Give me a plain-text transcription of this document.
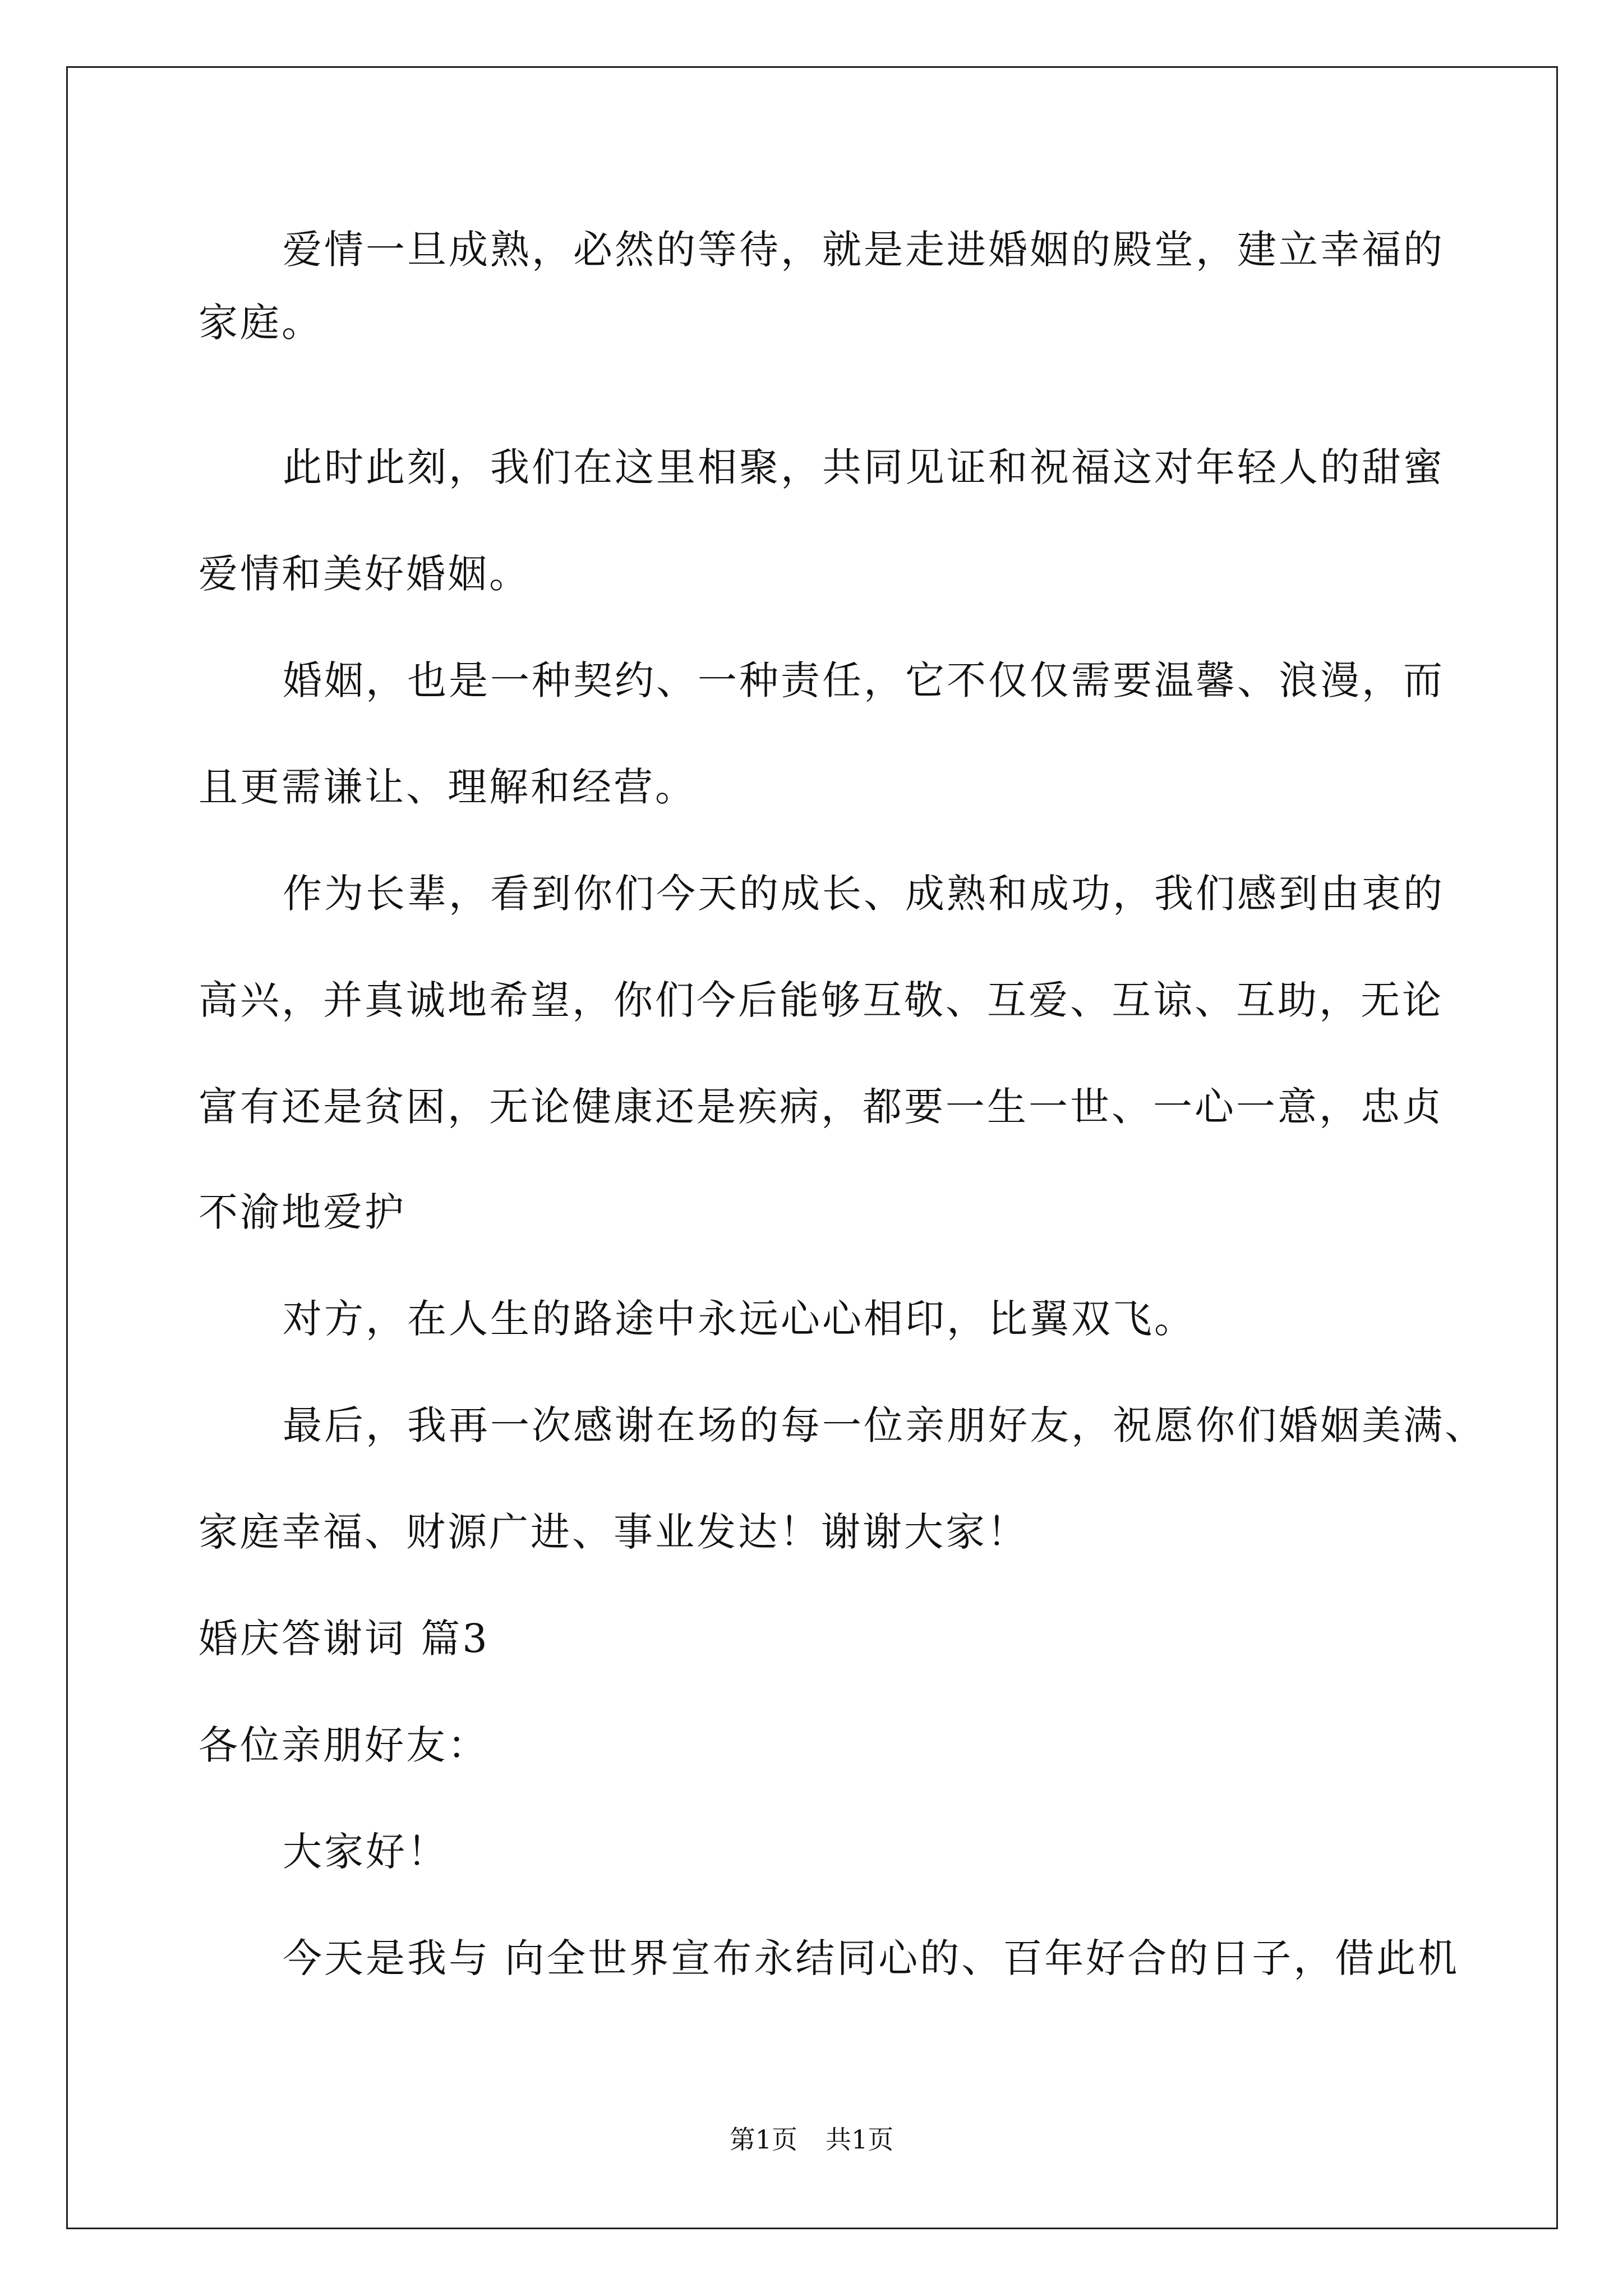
爱情一旦成熟，必然的等待，就是走进婚姻的殿堂，建立幸福的
家庭。
此时此刻，我们在这里相聚，共同见证和祝福这对年轻人的甜蜜
爱情和美好婚姻。
婚姻，也是一种契约、一种责任，它不仅仅需要温馨、浪漫，而
且更需谦让、理解和经营。
作为长辈，看到你们今天的成长、成熟和成功，我们感到由衷的
高兴，并真诚地希望，你们今后能够互敬、互爱、互谅、互助，无论
富有还是贫困，无论健康还是疾病，都要一生一世、一心一意，忠贞
不渝地爱护
对方，在人生的路途中永远心心相印，比翼双飞。
最后，我再一次感谢在场的每一位亲朋好友，祝愿你们婚姻美满、
家庭幸福、财源广进、事业发达！谢谢大家！
婚庆答谢词 篇3
各位亲朋好友：
大家好！
今天是我与 向全世界宣布永结同心的、百年好合的日子，借此机
第1页 共1页
